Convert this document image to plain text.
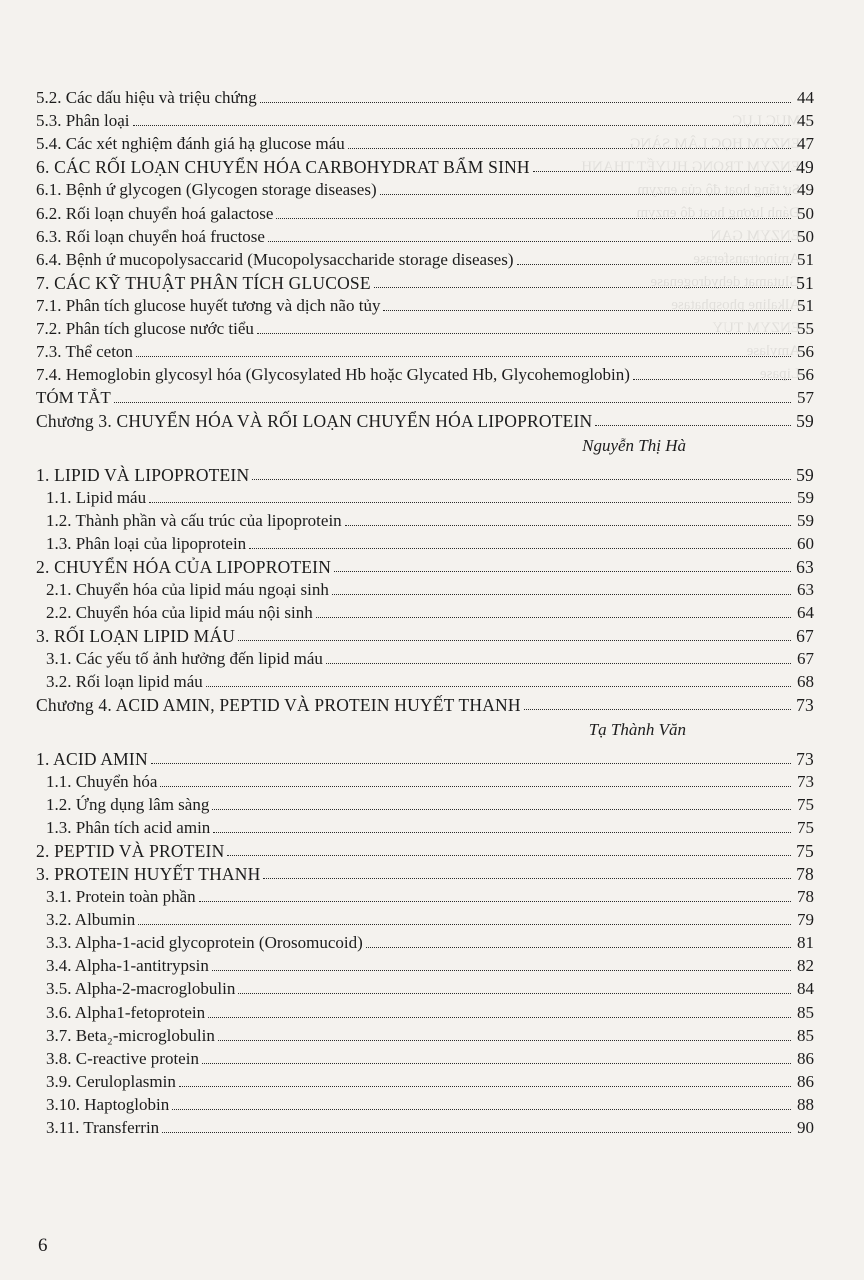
MỤC LỤC
ENZYM HỌC LÂM SÀNG
ENZYM TRONG HUYẾT THANH
Sự tăng hoạt độ của enzym
Đánh lượng hoạt độ enzym
ENZYM GAN
Aminotransferase
Glutamat dehydrogenase
Alkaline phosphatase
ENZYM TỤY
Amylase
Lipase
5.2. Các dấu hiệu và triệu chứng	44
5.3. Phân loại	45
5.4. Các xét nghiệm đánh giá hạ glucose máu	47
6. CÁC RỐI LOẠN CHUYỂN HÓA CARBOHYDRAT BẨM SINH	49
6.1. Bệnh ứ glycogen (Glycogen storage diseases)	49
6.2. Rối loạn chuyển hoá galactose	50
6.3. Rối loạn chuyển hoá fructose	50
6.4. Bệnh ứ mucopolysaccarid (Mucopolysaccharide storage diseases)	51
7. CÁC KỸ THUẬT PHÂN TÍCH GLUCOSE	51
7.1. Phân tích glucose huyết tương và dịch não tủy	51
7.2. Phân tích glucose nước tiểu	55
7.3. Thể ceton	56
7.4. Hemoglobin glycosyl hóa (Glycosylated Hb hoặc Glycated Hb, Glycohemoglobin)	56
TÓM TẮT	57
Chương 3. CHUYỂN HÓA VÀ RỐI LOẠN CHUYỂN HÓA LIPOPROTEIN	59
Nguyễn Thị Hà
1. LIPID VÀ LIPOPROTEIN	59
1.1. Lipid máu	59
1.2. Thành phần và cấu trúc của lipoprotein	59
1.3. Phân loại của lipoprotein	60
2. CHUYỂN HÓA CỦA LIPOPROTEIN	63
2.1. Chuyển hóa của lipid máu ngoại sinh	63
2.2. Chuyển hóa của lipid máu nội sinh	64
3. RỐI LOẠN LIPID MÁU	67
3.1. Các yếu tố ảnh hưởng đến lipid máu	67
3.2. Rối loạn lipid máu	68
Chương 4. ACID AMIN, PEPTID VÀ PROTEIN HUYẾT THANH	73
Tạ Thành Văn
1. ACID AMIN	73
1.1. Chuyển hóa	73
1.2. Ứng dụng lâm sàng	75
1.3. Phân tích acid amin	75
2. PEPTID VÀ PROTEIN	75
3. PROTEIN HUYẾT THANH	78
3.1. Protein toàn phần	78
3.2. Albumin	79
3.3. Alpha-1-acid glycoprotein (Orosomucoid)	81
3.4. Alpha-1-antitrypsin	82
3.5. Alpha-2-macroglobulin	84
3.6. Alpha1-fetoprotein	85
3.7. Beta₂-microglobulin	85
3.8. C-reactive protein	86
3.9. Ceruloplasmin	86
3.10. Haptoglobin	88
3.11. Transferrin	90
6
